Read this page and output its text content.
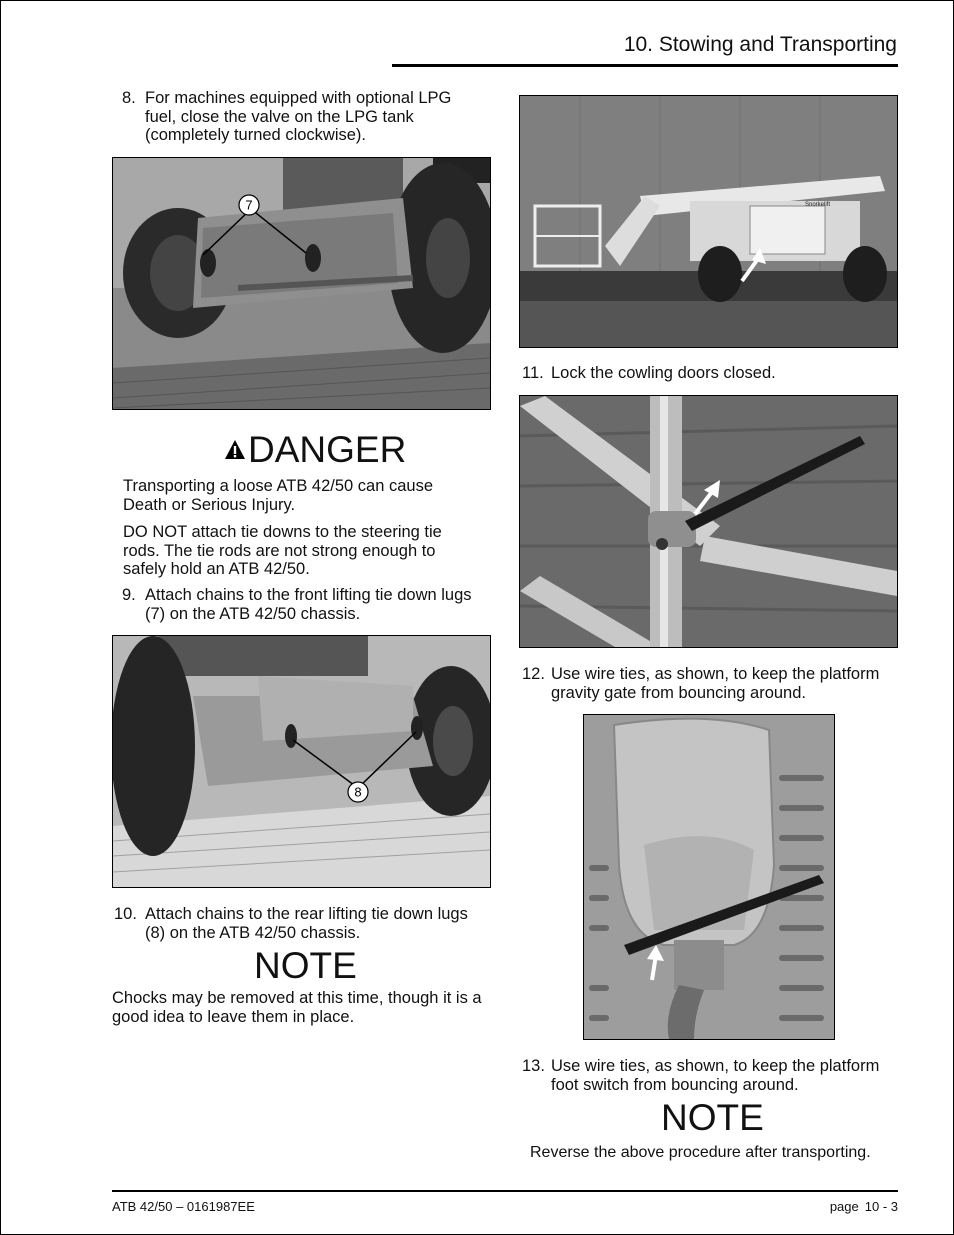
10. Stowing and Transporting
8. For machines equipped with optional LPG fuel, close the valve on the LPG tank (completely turned clockwise).
7
DANGER
Transporting a loose ATB 42/50 can cause Death or Serious Injury.
DO NOT attach tie downs to the steering tie rods. The tie rods are not strong enough to safely hold an ATB 42/50.
9. Attach chains to the front lifting tie down lugs (7) on the ATB 42/50 chassis.
8
10. Attach chains to the rear lifting tie down lugs (8) on the ATB 42/50 chassis.
NOTE
Chocks may be removed at this time, though it is a good idea to leave them in place.
Snorkelift
11. Lock the cowling doors closed.
12. Use wire ties, as shown, to keep the platform gravity gate from bouncing around.
13. Use wire ties, as shown, to keep the platform foot switch from bouncing around.
NOTE
Reverse the above procedure after transporting.
ATB 42/50 – 0161987EE	page 10 - 3
